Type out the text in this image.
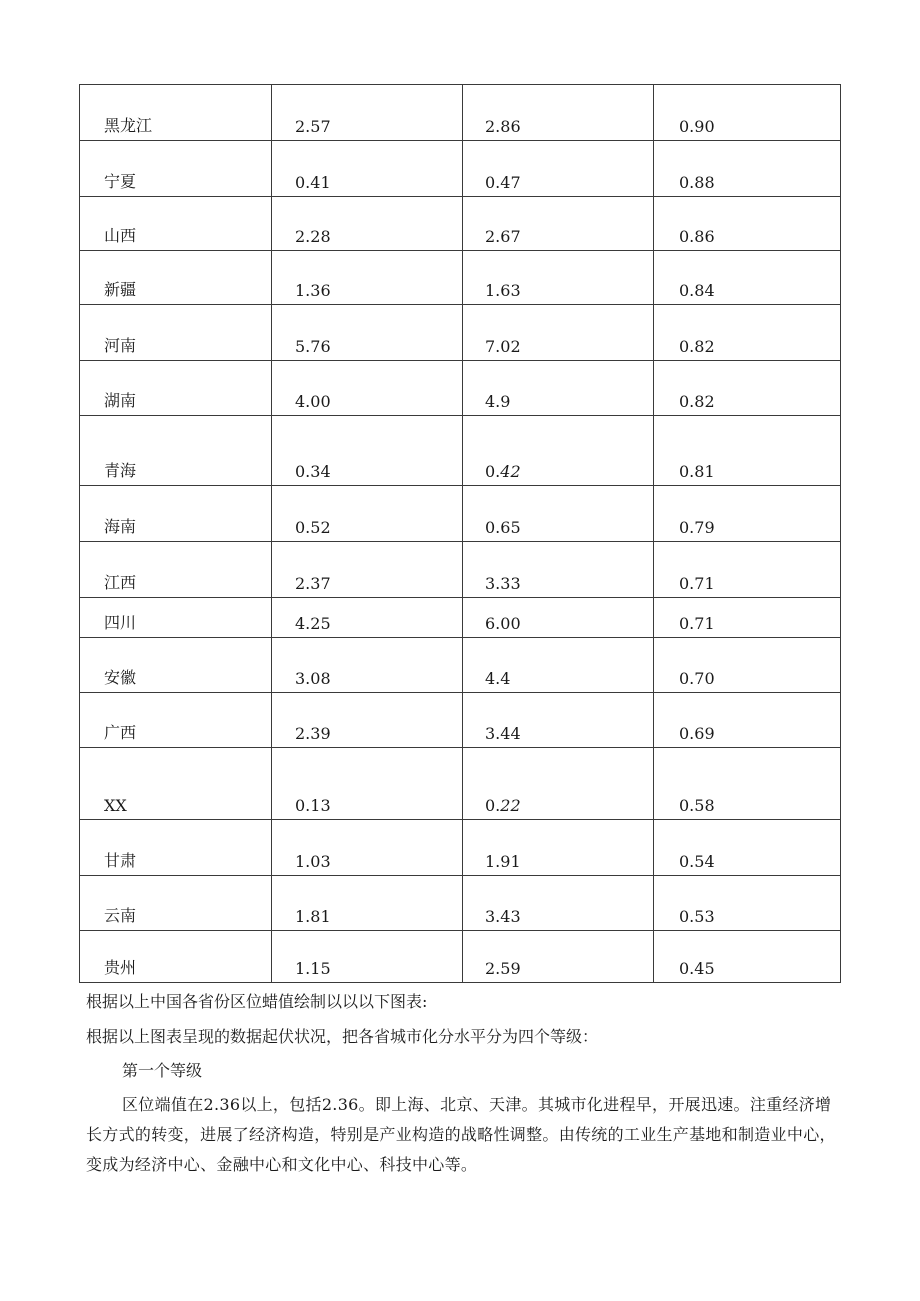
黑龙江	2.57	2.86	0.90
宁夏	0.41	0.47	0.88
山西	2.28	2.67	0.86
新疆	1.36	1.63	0.84
河南	5.76	7.02	0.82
湖南	4.00	4.9	0.82
青海	0.34	0.42	0.81
海南	0.52	0.65	0.79
江西	2.37	3.33	0.71
四川	4.25	6.00	0.71
安徽	3.08	4.4	0.70
广西	2.39	3.44	0.69
XX	0.13	0.22	0.58
甘肃	1.03	1.91	0.54
云南	1.81	3.43	0.53
贵州	1.15	2.59	0.45

根据以上中国各省份区位蜡值绘制以以以下图表:

根据以上图表呈现的数据起伏状况，把各省城市化分水平分为四个等级：

第一个等级

区位端值在2.36以上，包括2.36。即上海、北京、天津。其城市化进程早，开展迅速。注重经济增长方式的转变，进展了经济构造，特别是产业构造的战略性调整。由传统的工业生产基地和制造业中心，变成为经济中心、金融中心和文化中心、科技中心等。
